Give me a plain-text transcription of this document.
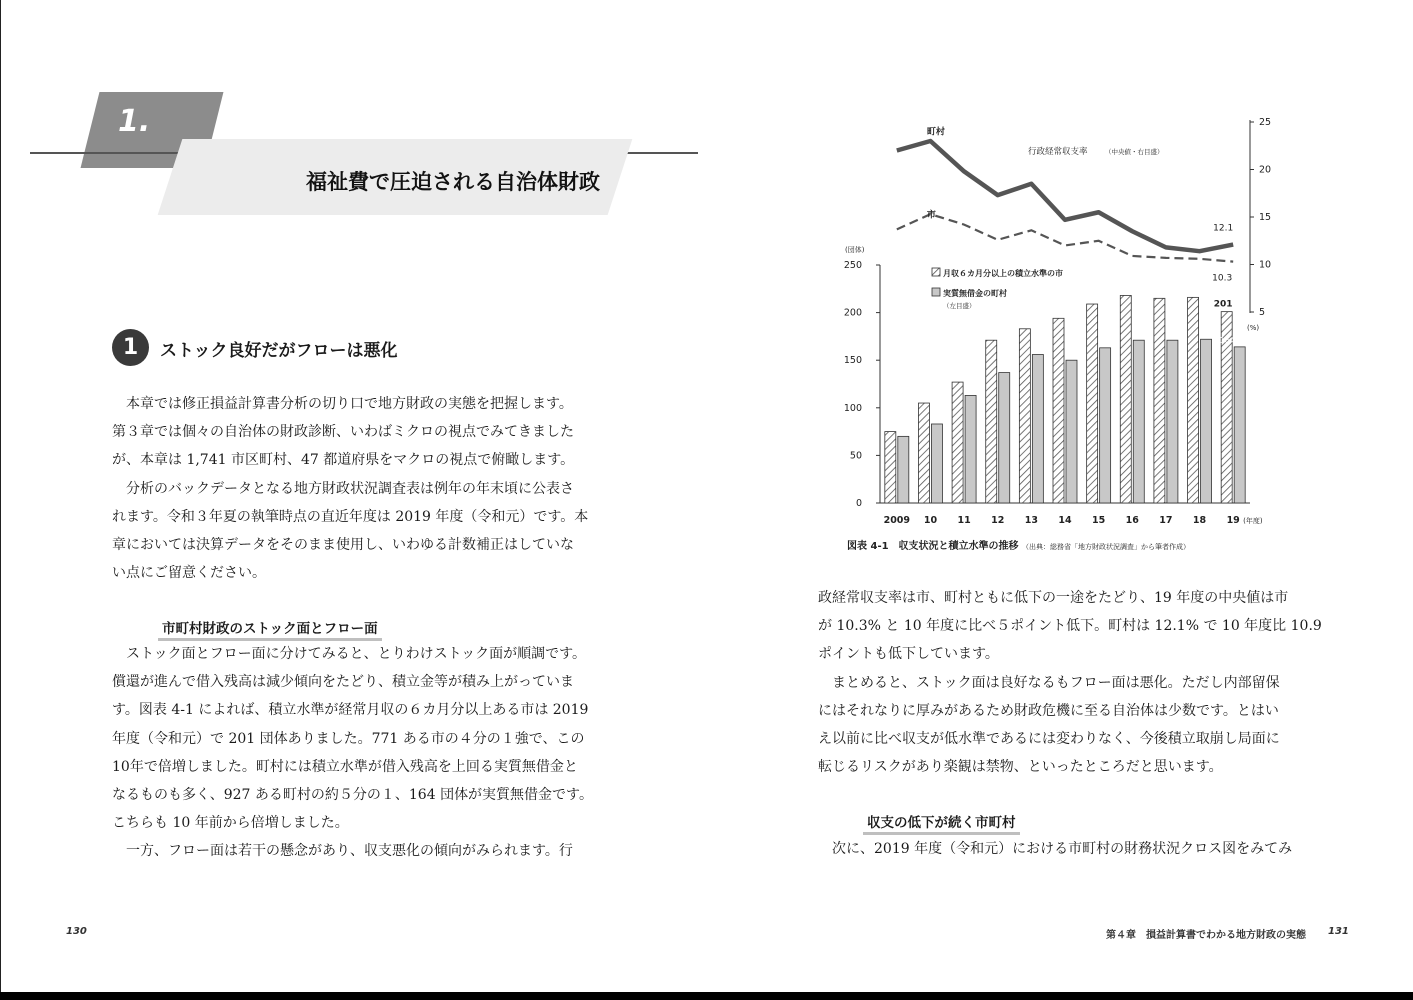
1.
福祉費で圧迫される自治体財政
1	ストック良好だがフローは悪化
本章では修正損益計算書分析の切り口で地方財政の実態を把握します。
第３章では個々の自治体の財政診断、いわばミクロの視点でみてきました
が、本章は 1,741 市区町村、47 都道府県をマクロの視点で俯瞰します。
分析のバックデータとなる地方財政状況調査表は例年の年末頃に公表さ
れます。令和３年夏の執筆時点の直近年度は 2019 年度（令和元）です。本
章においては決算データをそのまま使用し、いわゆる計数補正はしていな
い点にご留意ください。
市町村財政のストック面とフロー面
ストック面とフロー面に分けてみると、とりわけストック面が順調です。
償還が進んで借入残高は減少傾向をたどり、積立金等が積み上がっていま
す。図表 4-1 によれば、積立水準が経常月収の６カ月分以上ある市は 2019
年度（令和元）で 201 団体ありました。771 ある市の４分の１強で、この
10年で倍増しました。町村には積立水準が借入残高を上回る実質無借金と
なるものも多く、927 ある町村の約５分の１、164 団体が実質無借金です。
こちらも 10 年前から倍増しました。
一方、フロー面は若干の懸念があり、収支悪化の傾向がみられます。行
250
200
150
100
50
0
(団体)
25
20
15
10
5
(%)
2009 10 11 12 13 14 15 16 17 18 19 (年度)
町村
市
行政経常収支率	（中央値・右目盛）
12.1
10.3
201
164
月収６カ月分以上の積立水準の市
実質無借金の町村
（左目盛）
図表 4-1　収支状況と積立水準の推移 （出典：総務省「地方財政状況調査」から筆者作成）
政経常収支率は市、町村ともに低下の一途をたどり、19 年度の中央値は市
が 10.3% と 10 年度に比べ５ポイント低下。町村は 12.1% で 10 年度比 10.9
ポイントも低下しています。
まとめると、ストック面は良好なるもフロー面は悪化。ただし内部留保
にはそれなりに厚みがあるため財政危機に至る自治体は少数です。とはい
え以前に比べ収支が低水準であるには変わりなく、今後積立取崩し局面に
転じるリスクがあり楽観は禁物、といったところだと思います。
収支の低下が続く市町村
次に、2019 年度（令和元）における市町村の財務状況クロス図をみてみ
130	第４章　損益計算書でわかる地方財政の実態 131
